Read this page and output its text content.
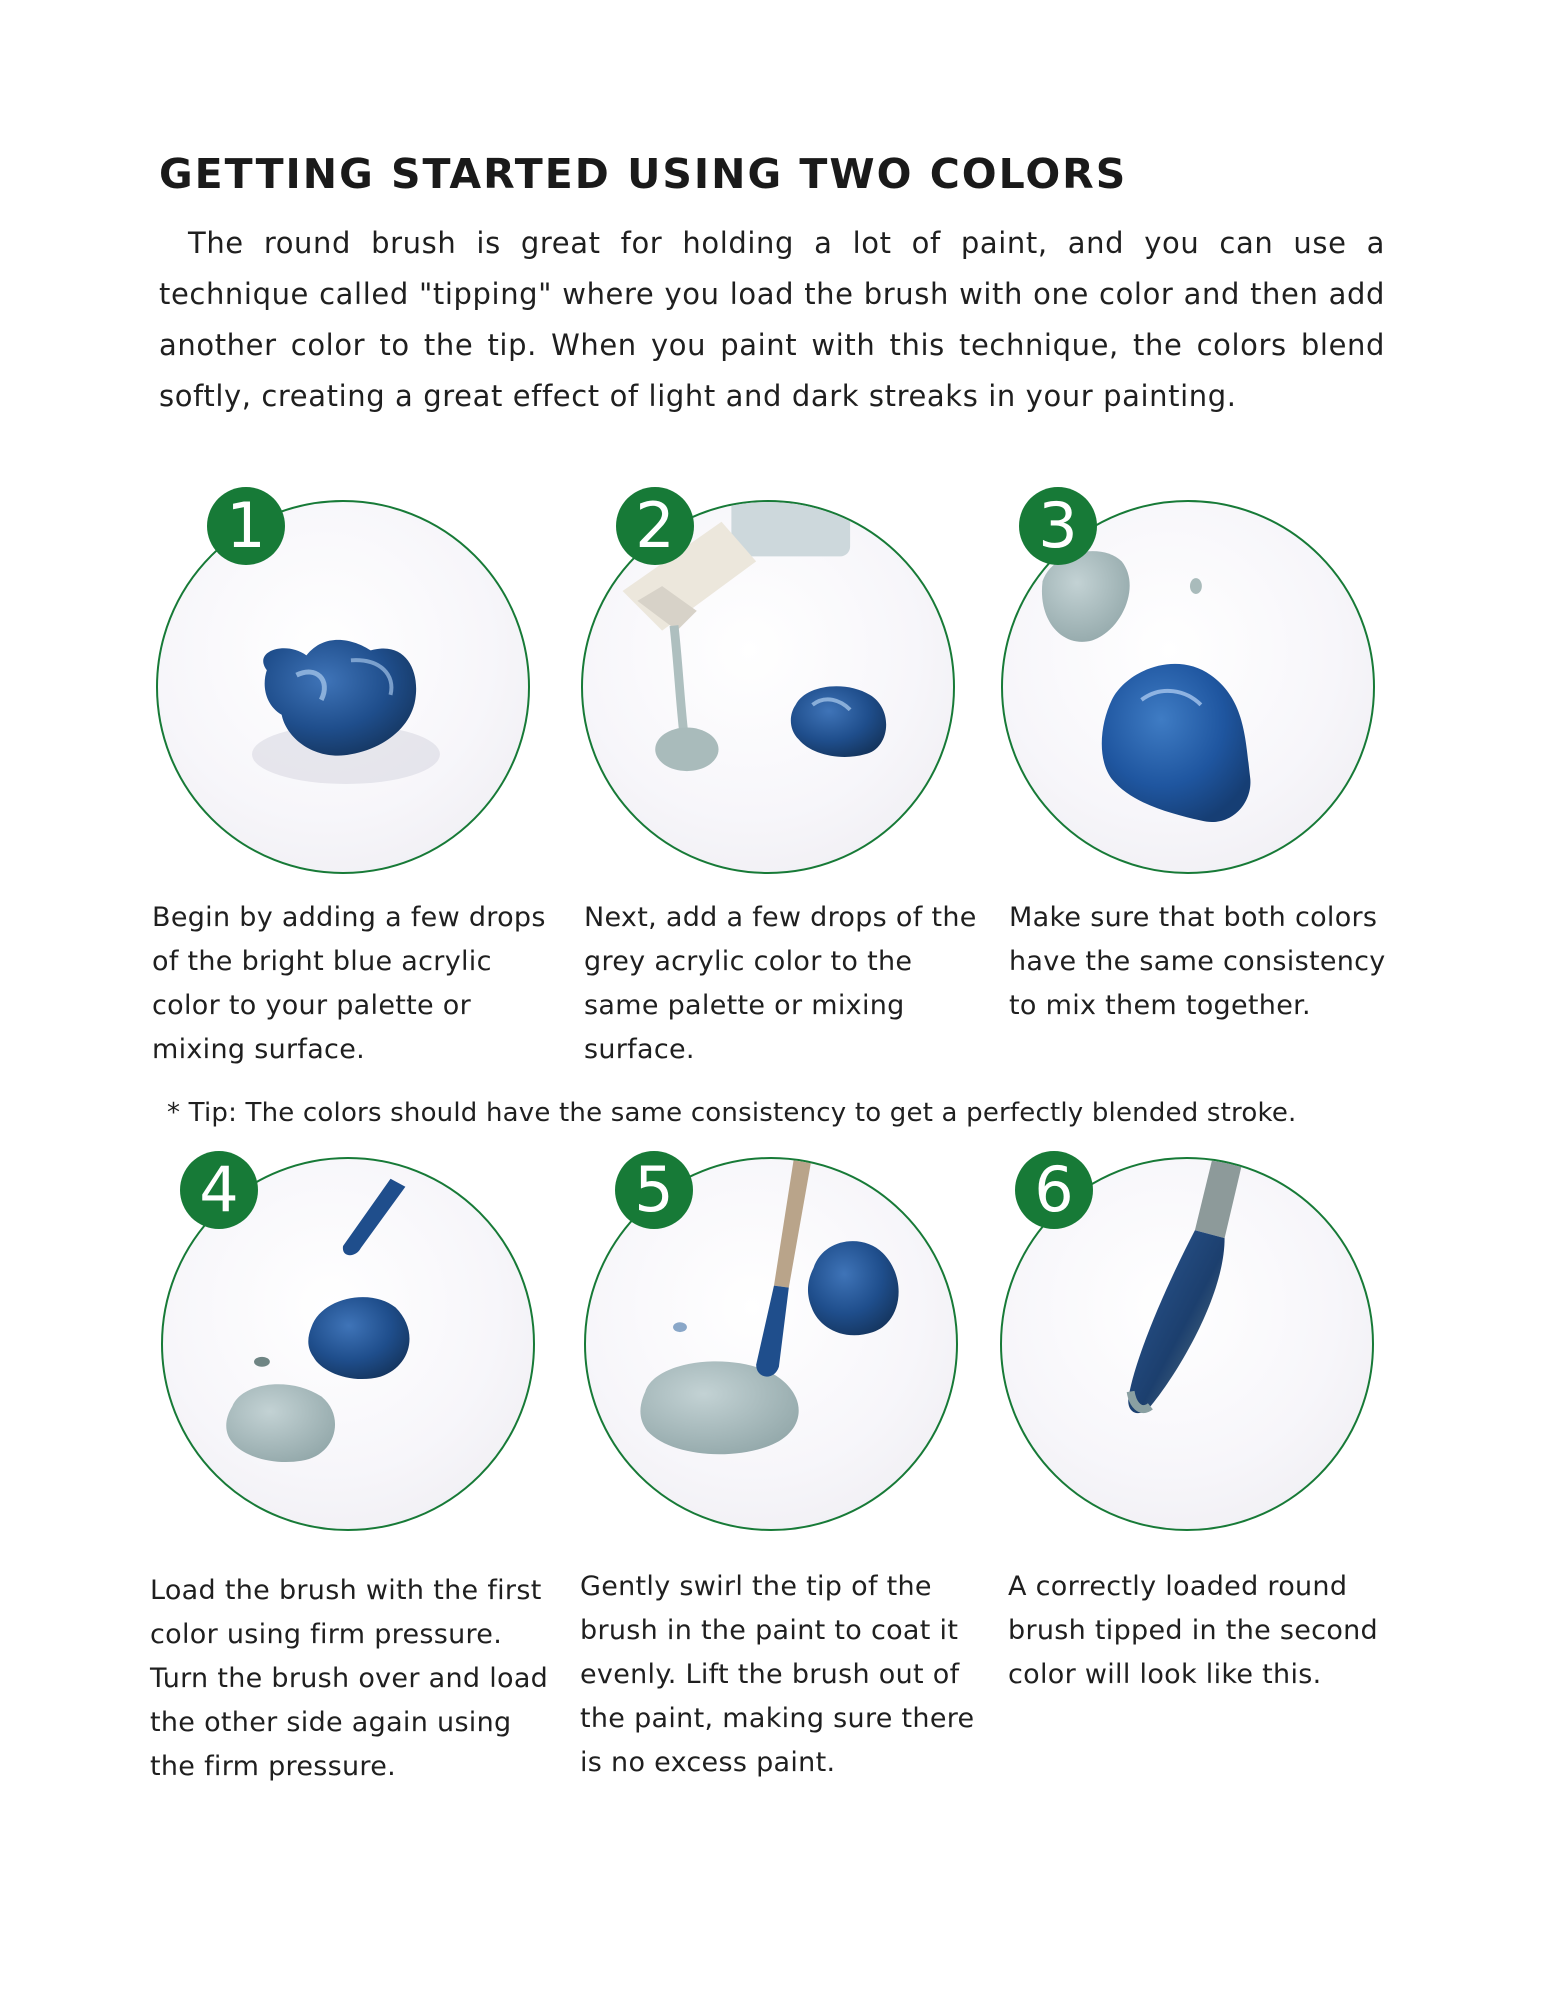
GETTING STARTED USING TWO COLORS

The round brush is great for holding a lot of paint, and you can use a technique called "tipping" where you load the brush with one color and then add another color to the tip. When you paint with this technique, the colors blend softly, creating a great effect of light and dark streaks in your painting.

1

Begin by adding a few drops of the bright blue acrylic color to your palette or mixing surface.

2

Next, add a few drops of the grey acrylic color to the same palette or mixing surface.

3

Make sure that both colors have the same consistency to mix them together.

* Tip: The colors should have the same consistency to get a perfectly blended stroke.

4

Load the brush with the first color using firm pressure. Turn the brush over and load the other side again using the firm pressure.

5

Gently swirl the tip of the brush in the paint to coat it evenly. Lift the brush out of the paint, making sure there is no excess paint.

6

A correctly loaded round brush tipped in the second color will look like this.
